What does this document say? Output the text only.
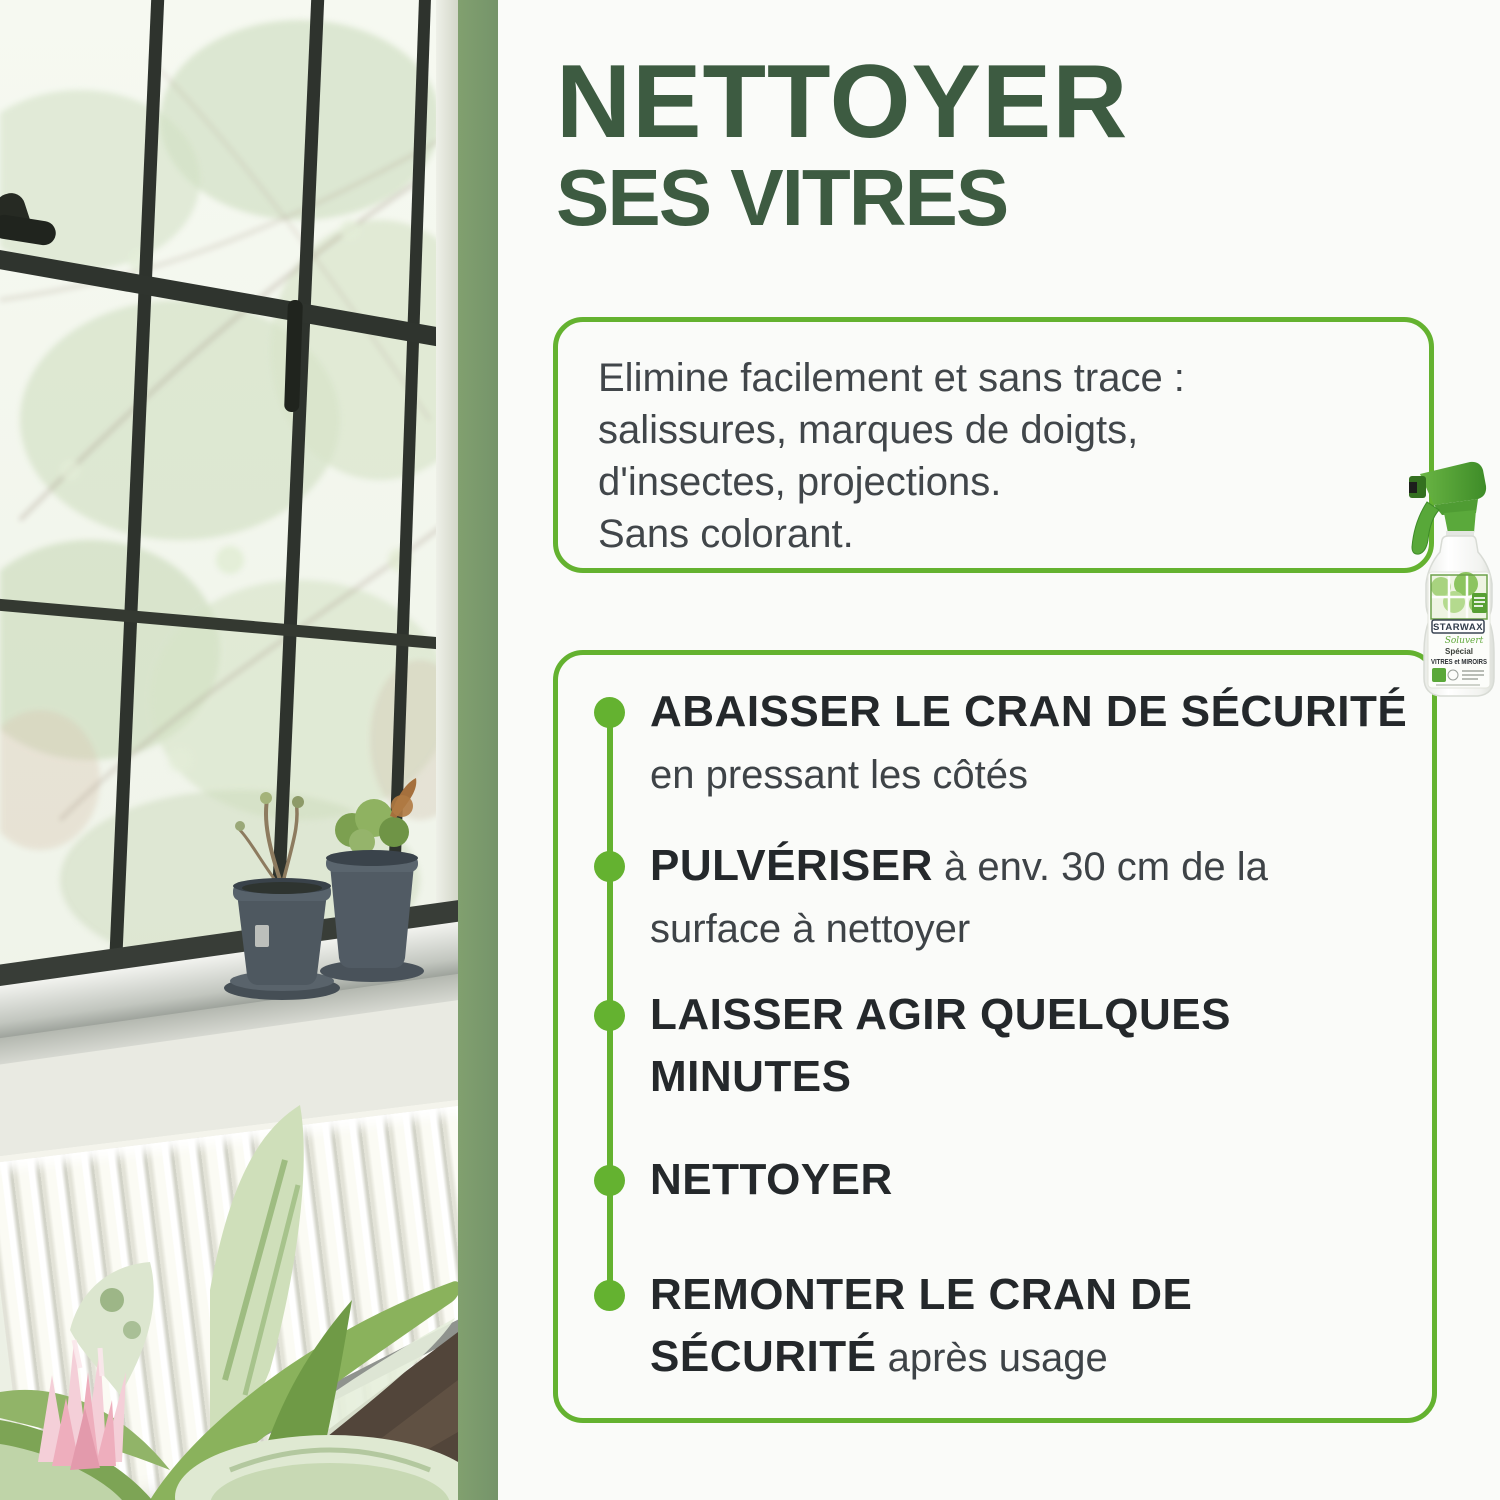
NETTOYER
SES VITRES
Elimine facilement et sans trace :
salissures, marques de doigts,
d'insectes, projections.
Sans colorant.
ABAISSER LE CRAN DE SÉCURITÉ
en pressant les côtés
PULVÉRISER à env. 30 cm de la
surface à nettoyer
LAISSER AGIR QUELQUES
MINUTES
NETTOYER
REMONTER LE CRAN DE
SÉCURITÉ après usage
STARWAX
Soluvert
Spécial
VITRES et MIROIRS
